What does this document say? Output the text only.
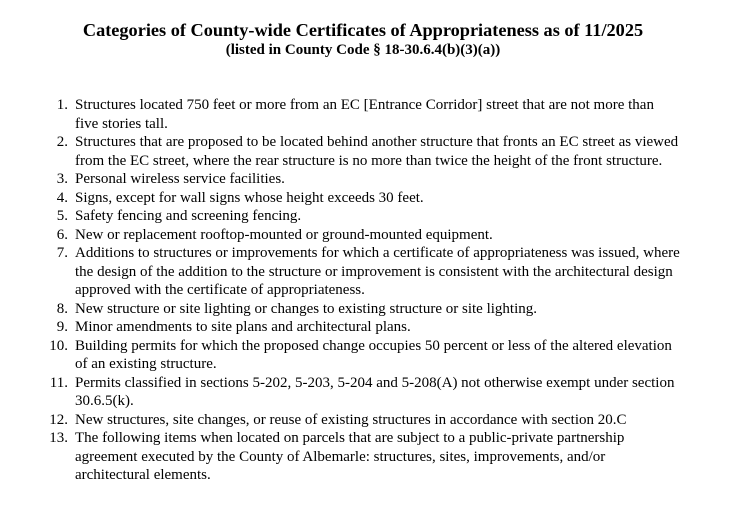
Categories of County-wide Certificates of Appropriateness as of 11/2025
(listed in County Code § 18-30.6.4(b)(3)(a))
1. Structures located 750 feet or more from an EC [Entrance Corridor] street that are not more than five stories tall.
2. Structures that are proposed to be located behind another structure that fronts an EC street as viewed from the EC street, where the rear structure is no more than twice the height of the front structure.
3. Personal wireless service facilities.
4. Signs, except for wall signs whose height exceeds 30 feet.
5. Safety fencing and screening fencing.
6. New or replacement rooftop-mounted or ground-mounted equipment.
7. Additions to structures or improvements for which a certificate of appropriateness was issued, where the design of the addition to the structure or improvement is consistent with the architectural design approved with the certificate of appropriateness.
8. New structure or site lighting or changes to existing structure or site lighting.
9. Minor amendments to site plans and architectural plans.
10. Building permits for which the proposed change occupies 50 percent or less of the altered elevation of an existing structure.
11. Permits classified in sections 5-202, 5-203, 5-204 and 5-208(A) not otherwise exempt under section 30.6.5(k).
12. New structures, site changes, or reuse of existing structures in accordance with section 20.C
13. The following items when located on parcels that are subject to a public-private partnership agreement executed by the County of Albemarle: structures, sites, improvements, and/or architectural elements.
